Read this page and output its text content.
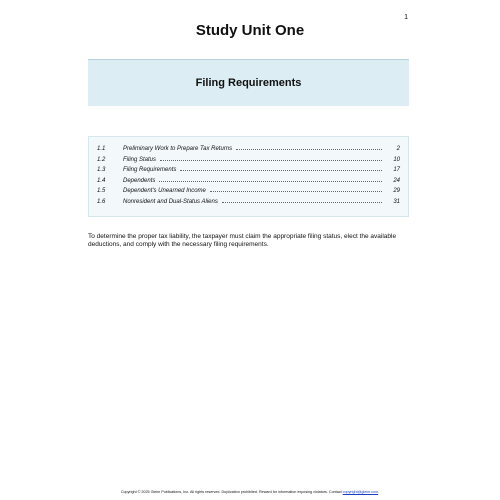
1
Study Unit One
Filing Requirements
1.1	Preliminary Work to Prepare Tax Returns	2
1.2	Filing Status	10
1.3	Filing Requirements	17
1.4	Dependents	24
1.5	Dependent's Unearned Income	29
1.6	Nonresident and Dual-Status Aliens	31
To determine the proper tax liability, the taxpayer must claim the appropriate filing status, elect the available deductions, and comply with the necessary filing requirements.
Copyright © 2025 Gleim Publications, Inc. All rights reserved. Duplication prohibited. Reward for information exposing violators. Contact copyright@gleim.com.
